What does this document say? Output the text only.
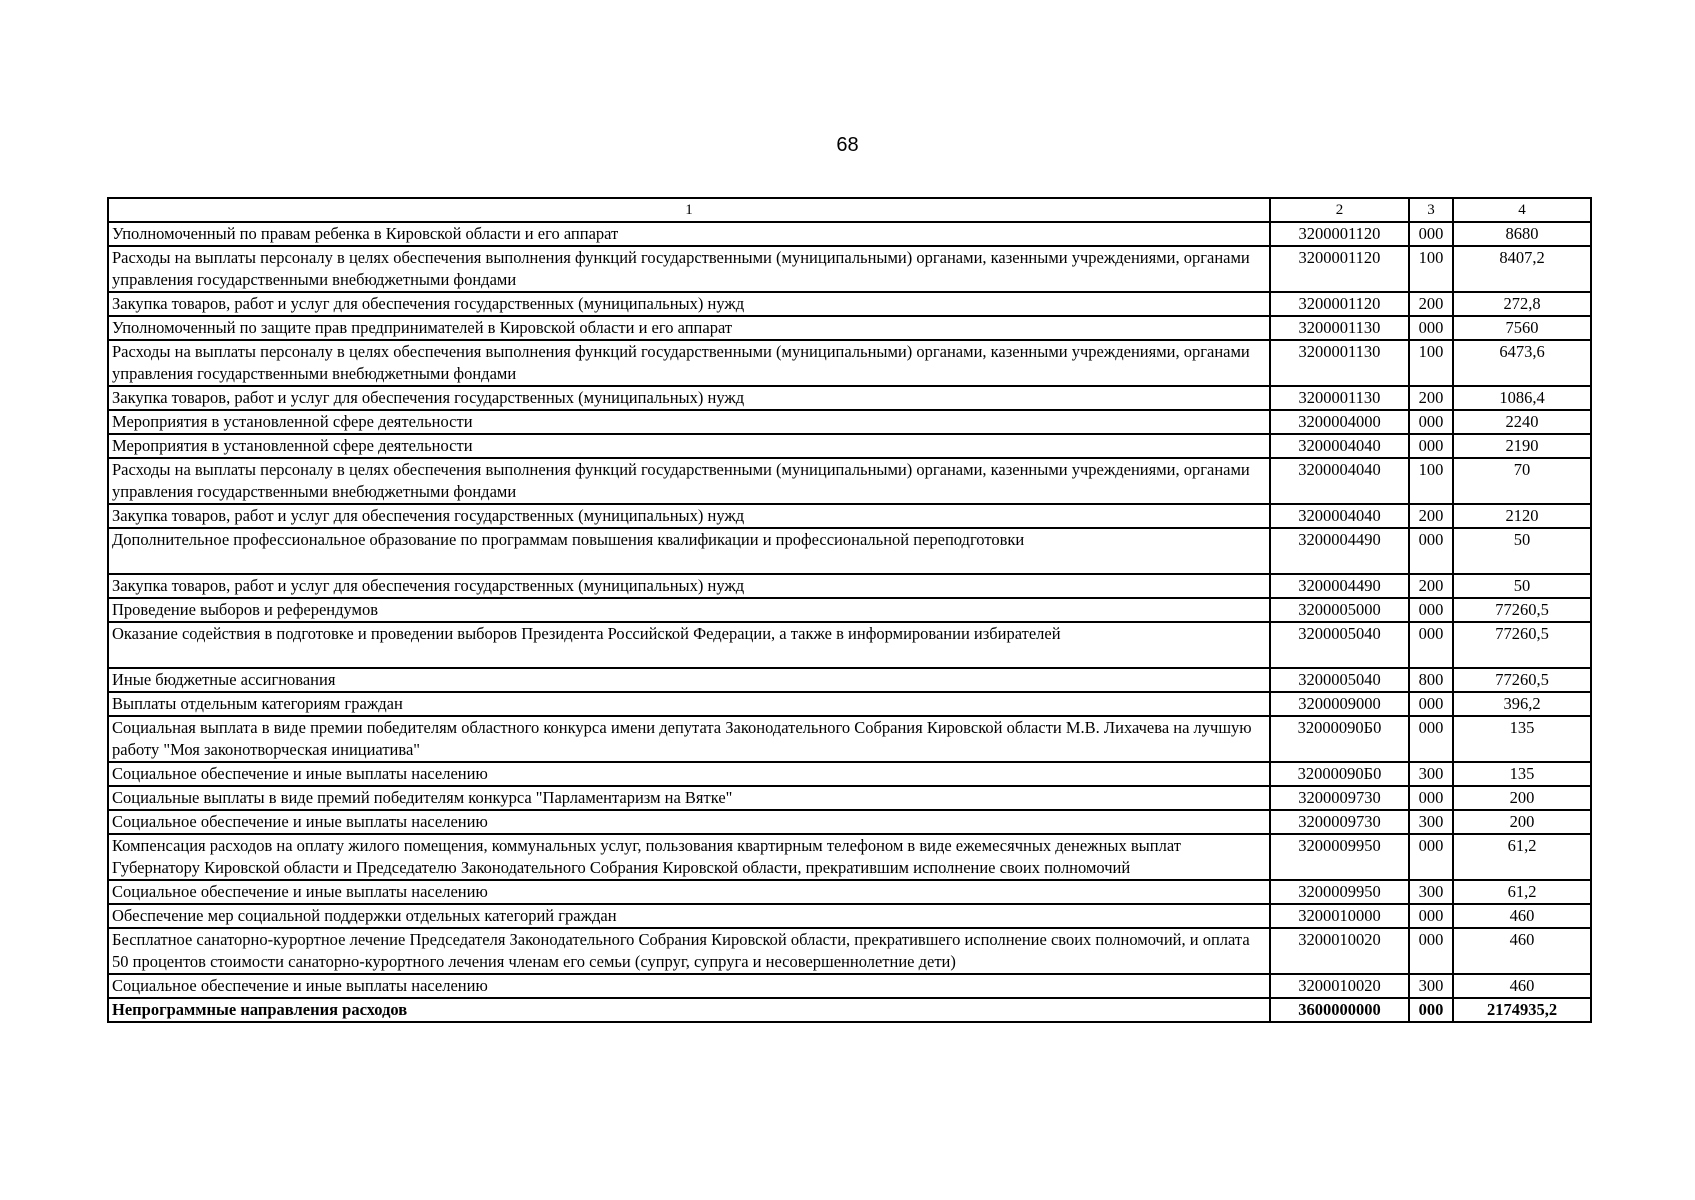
68
1	2	3	4
Уполномоченный по правам ребенка в Кировской области и его аппарат	3200001120	000	8680
Расходы на выплаты персоналу в целях обеспечения выполнения функций государственными (муниципальными) органами, казенными учреждениями, органами управления государственными внебюджетными фондами	3200001120	100	8407,2
Закупка товаров, работ и услуг для обеспечения государственных (муниципальных) нужд	3200001120	200	272,8
Уполномоченный по защите прав предпринимателей в Кировской области и его аппарат	3200001130	000	7560
Расходы на выплаты персоналу в целях обеспечения выполнения функций государственными (муниципальными) органами, казенными учреждениями, органами управления государственными внебюджетными фондами	3200001130	100	6473,6
Закупка товаров, работ и услуг для обеспечения государственных (муниципальных) нужд	3200001130	200	1086,4
Мероприятия в установленной сфере деятельности	3200004000	000	2240
Мероприятия в установленной сфере деятельности	3200004040	000	2190
Расходы на выплаты персоналу в целях обеспечения выполнения функций государственными (муниципальными) органами, казенными учреждениями, органами управления государственными внебюджетными фондами	3200004040	100	70
Закупка товаров, работ и услуг для обеспечения государственных (муниципальных) нужд	3200004040	200	2120
Дополнительное профессиональное образование по программам повышения квалификации и профессиональной переподготовки	3200004490	000	50
Закупка товаров, работ и услуг для обеспечения государственных (муниципальных) нужд	3200004490	200	50
Проведение выборов и референдумов	3200005000	000	77260,5
Оказание содействия в подготовке и проведении выборов Президента Российской Федерации, а также в информировании избирателей	3200005040	000	77260,5
Иные бюджетные ассигнования	3200005040	800	77260,5
Выплаты отдельным категориям граждан	3200009000	000	396,2
Социальная выплата в виде премии победителям областного конкурса имени депутата Законодательного Собрания Кировской области М.В. Лихачева на лучшую работу "Моя законотворческая инициатива"	32000090Б0	000	135
Социальное обеспечение и иные выплаты населению	32000090Б0	300	135
Социальные выплаты в виде премий победителям конкурса "Парламентаризм на Вятке"	3200009730	000	200
Социальное обеспечение и иные выплаты населению	3200009730	300	200
Компенсация расходов на оплату жилого помещения, коммунальных услуг, пользования квартирным телефоном в виде ежемесячных денежных выплат Губернатору Кировской области и Председателю Законодательного Собрания Кировской области, прекратившим исполнение своих полномочий	3200009950	000	61,2
Социальное обеспечение и иные выплаты населению	3200009950	300	61,2
Обеспечение мер социальной поддержки отдельных категорий граждан	3200010000	000	460
Бесплатное санаторно-курортное лечение Председателя Законодательного Собрания Кировской области, прекратившего исполнение своих полномочий, и оплата 50 процентов стоимости санаторно-курортного лечения членам его семьи (супруг, супруга и несовершеннолетние дети)	3200010020	000	460
Социальное обеспечение и иные выплаты населению	3200010020	300	460
Непрограммные направления расходов	3600000000	000	2174935,2
